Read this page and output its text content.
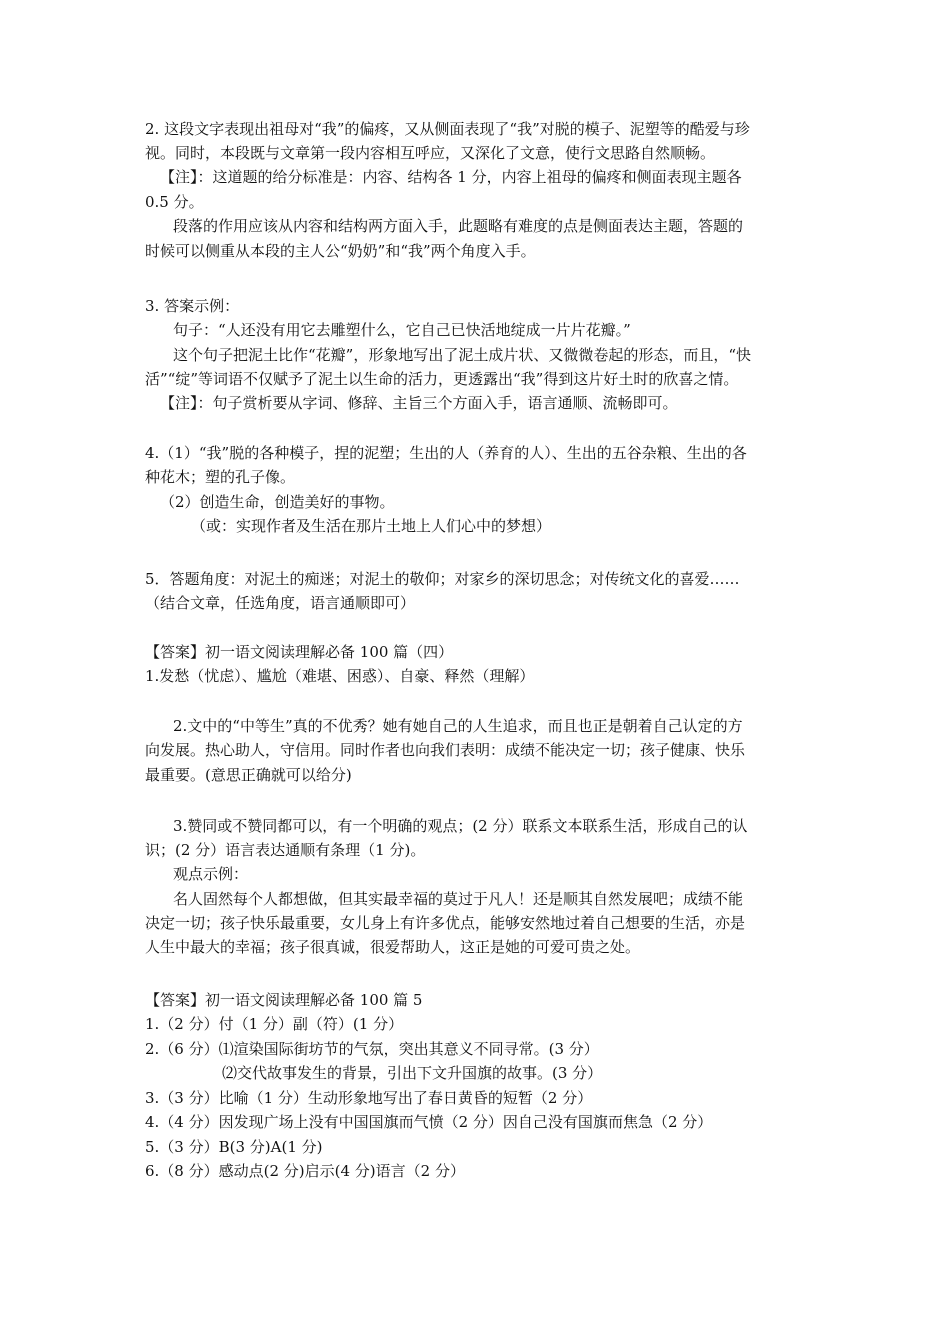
2. 这段文字表现出祖母对“我”的偏疼，又从侧面表现了“我”对脱的模子、泥塑等的酷爱与珍
视。同时，本段既与文章第一段内容相互呼应，又深化了文意，使行文思路自然顺畅。
【注】：这道题的给分标准是：内容、结构各 1 分，内容上祖母的偏疼和侧面表现主题各
0.5 分。
段落的作用应该从内容和结构两方面入手，此题略有难度的点是侧面表达主题，答题的
时候可以侧重从本段的主人公“奶奶”和“我”两个角度入手。
3. 答案示例：
句子：“人还没有用它去雕塑什么，它自己已快活地绽成一片片花瓣。”
这个句子把泥土比作“花瓣”，形象地写出了泥土成片状、又微微卷起的形态，而且，“快
活”“绽”等词语不仅赋予了泥土以生命的活力，更透露出“我”得到这片好土时的欣喜之情。
【注】：句子赏析要从字词、修辞、主旨三个方面入手，语言通顺、流畅即可。
4.（1）“我”脱的各种模子，捏的泥塑；生出的人（养育的人）、生出的五谷杂粮、生出的各
种花木；塑的孔子像。
（2）创造生命，创造美好的事物。
（或：实现作者及生活在那片土地上人们心中的梦想）
5．答题角度：对泥土的痴迷；对泥土的敬仰；对家乡的深切思念；对传统文化的喜爱……
（结合文章，任选角度，语言通顺即可）
【答案】初一语文阅读理解必备 100 篇（四）
1.发愁（忧虑）、尴尬（难堪、困惑）、自豪、释然（理解）
2.文中的“中等生”真的不优秀？她有她自己的人生追求，而且也正是朝着自己认定的方
向发展。热心助人，守信用。同时作者也向我们表明：成绩不能决定一切；孩子健康、快乐
最重要。(意思正确就可以给分)
3.赞同或不赞同都可以，有一个明确的观点；(2 分）联系文本联系生活，形成自己的认
识；(2 分）语言表达通顺有条理（1 分)。
观点示例：
名人固然每个人都想做，但其实最幸福的莫过于凡人！还是顺其自然发展吧；成绩不能
决定一切；孩子快乐最重要，女儿身上有许多优点，能够安然地过着自己想要的生活，亦是
人生中最大的幸福；孩子很真诚，很爱帮助人，这正是她的可爱可贵之处。
【答案】初一语文阅读理解必备 100 篇 5
1.（2 分）付（1 分）副（符）(1 分）
2.（6 分）⑴渲染国际街坊节的气氛，突出其意义不同寻常。(3 分）
⑵交代故事发生的背景，引出下文升国旗的故事。(3 分）
3.（3 分）比喻（1 分）生动形象地写出了春日黄昏的短暂（2 分）
4.（4 分）因发现广场上没有中国国旗而气愤（2 分）因自己没有国旗而焦急（2 分）
5.（3 分）B(3 分)A(1 分)
6.（8 分）感动点(2 分)启示(4 分)语言（2 分）
